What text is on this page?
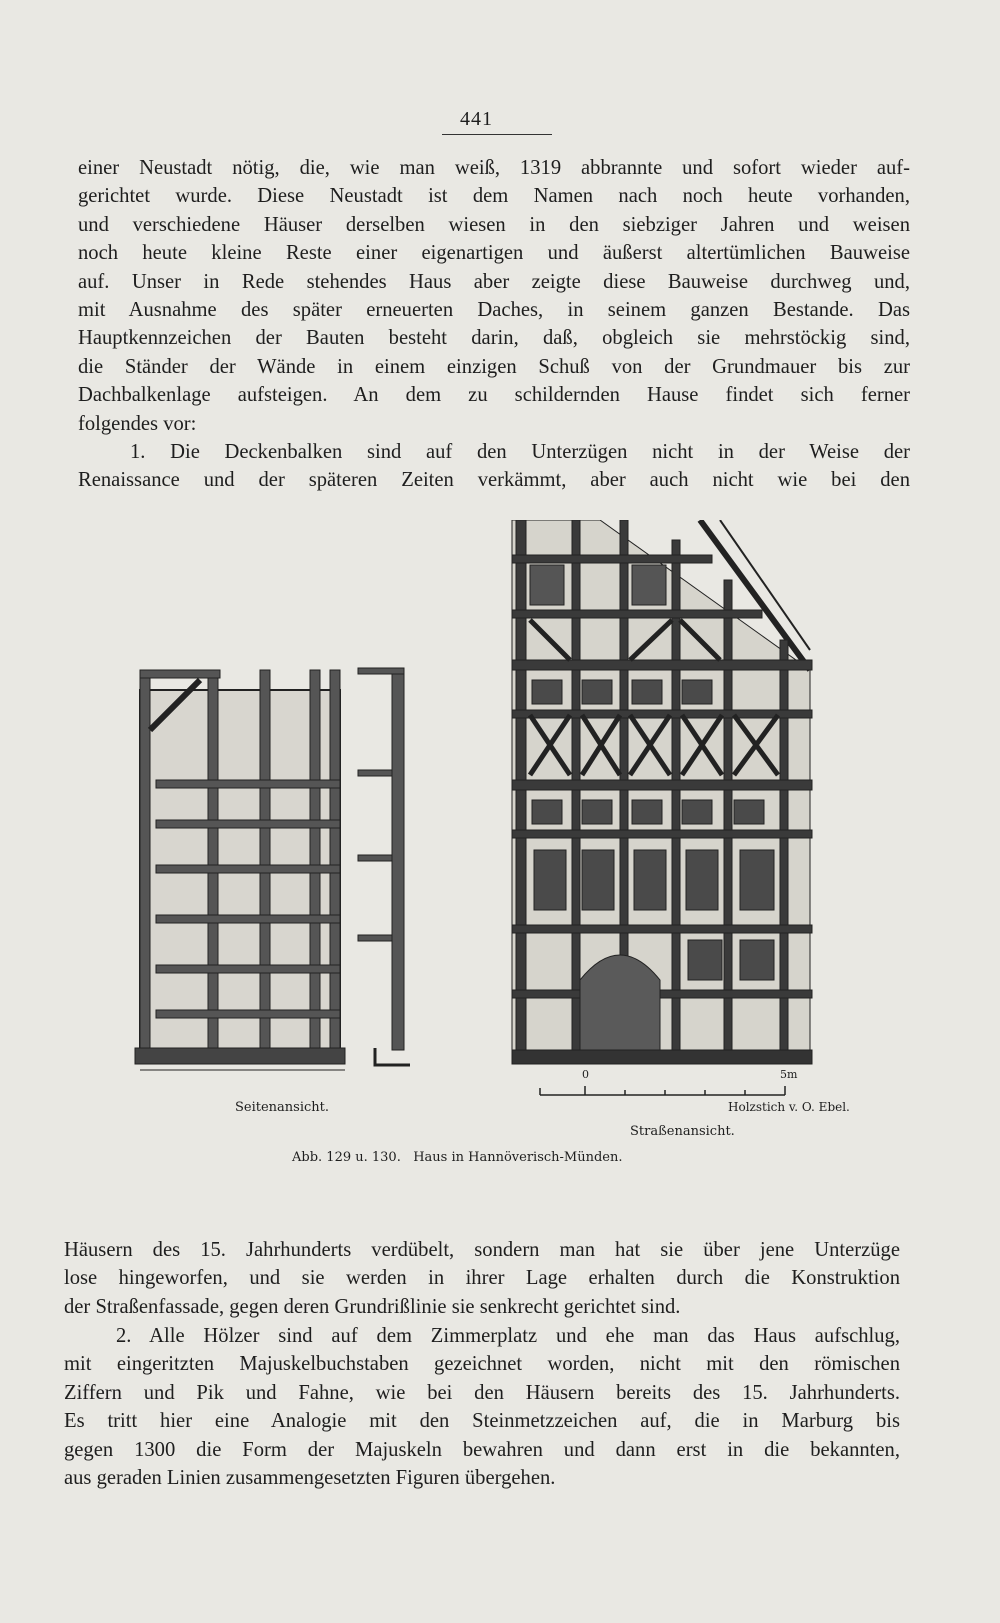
441
einer Neustadt nötig, die, wie man weiß, 1319 abbrannte und sofort wieder auf-
gerichtet wurde. Diese Neustadt ist dem Namen nach noch heute vorhanden,
und verschiedene Häuser derselben wiesen in den siebziger Jahren und weisen
noch heute kleine Reste einer eigenartigen und äußerst altertümlichen Bauweise
auf. Unser in Rede stehendes Haus aber zeigte diese Bauweise durchweg und,
mit Ausnahme des später erneuerten Daches, in seinem ganzen Bestande. Das
Hauptkennzeichen der Bauten besteht darin, daß, obgleich sie mehrstöckig sind,
die Ständer der Wände in einem einzigen Schuß von der Grundmauer bis zur
Dachbalkenlage aufsteigen. An dem zu schildernden Hause findet sich ferner
folgendes vor:
1. Die Deckenbalken sind auf den Unterzügen nicht in der Weise der
Renaissance und der späteren Zeiten verkämmt, aber auch nicht wie bei den
0	5m
Seitenansicht.	Holzstich v. O. Ebel.
Straßenansicht.
Abb. 129 u. 130.   Haus in Hannöverisch-Münden.
Häusern des 15. Jahrhunderts verdübelt, sondern man hat sie über jene Unterzüge
lose hingeworfen, und sie werden in ihrer Lage erhalten durch die Konstruktion
der Straßenfassade, gegen deren Grundrißlinie sie senkrecht gerichtet sind.
2. Alle Hölzer sind auf dem Zimmerplatz und ehe man das Haus aufschlug,
mit eingeritzten Majuskelbuchstaben gezeichnet worden, nicht mit den römischen
Ziffern und Pik und Fahne, wie bei den Häusern bereits des 15. Jahrhunderts.
Es tritt hier eine Analogie mit den Steinmetzzeichen auf, die in Marburg bis
gegen 1300 die Form der Majuskeln bewahren und dann erst in die bekannten,
aus geraden Linien zusammengesetzten Figuren übergehen.
